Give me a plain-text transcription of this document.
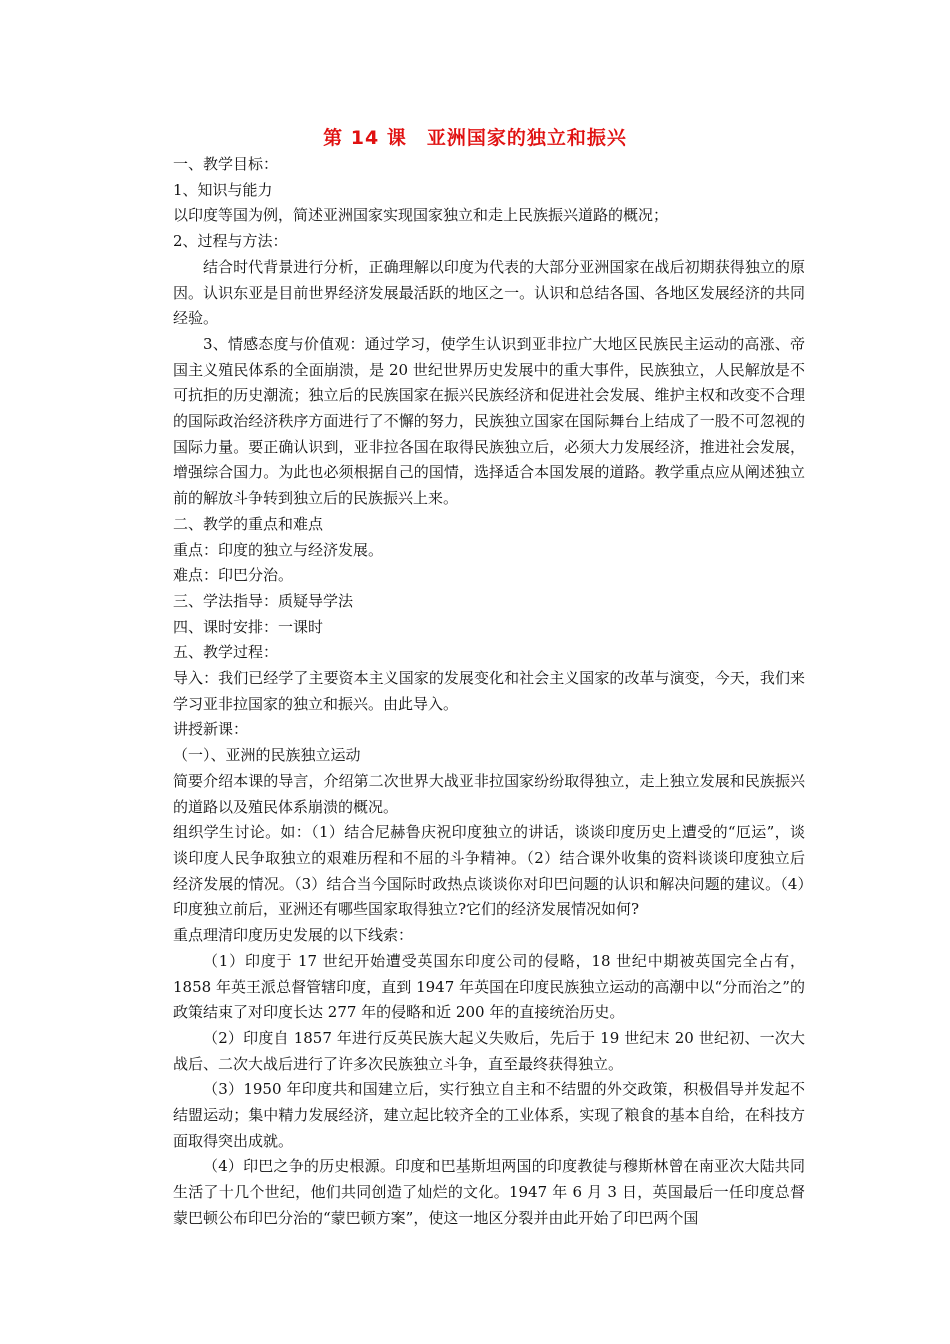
第 14 课　亚洲国家的独立和振兴

一、教学目标：

1、知识与能力

以印度等国为例，简述亚洲国家实现国家独立和走上民族振兴道路的概况；

2、过程与方法：

结合时代背景进行分析，正确理解以印度为代表的大部分亚洲国家在战后初期获得独立的原因。认识东亚是目前世界经济发展最活跃的地区之一。认识和总结各国、各地区发展经济的共同经验。

3、情感态度与价值观：通过学习，使学生认识到亚非拉广大地区民族民主运动的高涨、帝国主义殖民体系的全面崩溃，是 20 世纪世界历史发展中的重大事件，民族独立，人民解放是不可抗拒的历史潮流；独立后的民族国家在振兴民族经济和促进社会发展、维护主权和改变不合理的国际政治经济秩序方面进行了不懈的努力，民族独立国家在国际舞台上结成了一股不可忽视的国际力量。要正确认识到，亚非拉各国在取得民族独立后，必须大力发展经济，推进社会发展，增强综合国力。为此也必须根据自己的国情，选择适合本国发展的道路。教学重点应从阐述独立前的解放斗争转到独立后的民族振兴上来。

二、教学的重点和难点

重点：印度的独立与经济发展。

难点：印巴分治。

三、学法指导：质疑导学法

四、课时安排：一课时

五、教学过程：

导入：我们已经学了主要资本主义国家的发展变化和社会主义国家的改革与演变，今天，我们来学习亚非拉国家的独立和振兴。由此导入。

讲授新课：

（一）、亚洲的民族独立运动

简要介绍本课的导言，介绍第二次世界大战亚非拉国家纷纷取得独立，走上独立发展和民族振兴的道路以及殖民体系崩溃的概况。

组织学生讨论。如：（1）结合尼赫鲁庆祝印度独立的讲话，谈谈印度历史上遭受的“厄运”，谈谈印度人民争取独立的艰难历程和不屈的斗争精神。（2）结合课外收集的资料谈谈印度独立后经济发展的情况。（3）结合当今国际时政热点谈谈你对印巴问题的认识和解决问题的建议。（4）印度独立前后，亚洲还有哪些国家取得独立?它们的经济发展情况如何?

重点理清印度历史发展的以下线索：

（1）印度于 17 世纪开始遭受英国东印度公司的侵略，18 世纪中期被英国完全占有，1858 年英王派总督管辖印度，直到 1947 年英国在印度民族独立运动的高潮中以“分而治之”的政策结束了对印度长达 277 年的侵略和近 200 年的直接统治历史。

（2）印度自 1857 年进行反英民族大起义失败后，先后于 19 世纪末 20 世纪初、一次大战后、二次大战后进行了许多次民族独立斗争，直至最终获得独立。

（3）1950 年印度共和国建立后，实行独立自主和不结盟的外交政策，积极倡导并发起不结盟运动；集中精力发展经济，建立起比较齐全的工业体系，实现了粮食的基本自给，在科技方面取得突出成就。

（4）印巴之争的历史根源。印度和巴基斯坦两国的印度教徒与穆斯林曾在南亚次大陆共同生活了十几个世纪，他们共同创造了灿烂的文化。1947 年 6 月 3 日，英国最后一任印度总督蒙巴顿公布印巴分治的“蒙巴顿方案”，使这一地区分裂并由此开始了印巴两个国
